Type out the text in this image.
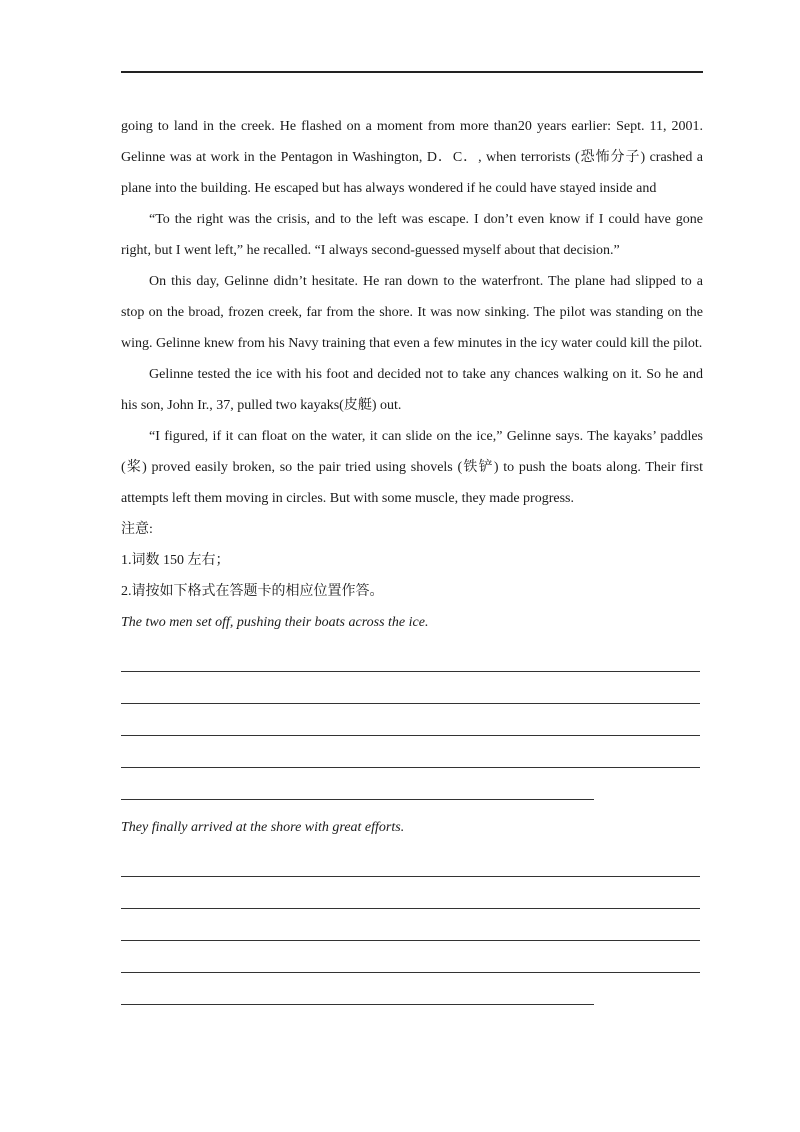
going to land in the creek. He flashed on a moment from more than20 years earlier: Sept. 11, 2001. Gelinne was at work in the Pentagon in Washington, D．C．, when terrorists (恐怖分子) crashed a plane into the building. He escaped but has always wondered if he could have stayed inside and

“To the right was the crisis, and to the left was escape. I don’t even know if I could have gone right, but I went left,” he recalled. “I always second-guessed myself about that decision.”

On this day, Gelinne didn’t hesitate. He ran down to the waterfront. The plane had slipped to a stop on the broad, frozen creek, far from the shore. It was now sinking. The pilot was standing on the wing. Gelinne knew from his Navy training that even a few minutes in the icy water could kill the pilot.

Gelinne tested the ice with his foot and decided not to take any chances walking on it. So he and his son, John Ir., 37, pulled two kayaks(皮艇) out.

“I figured, if it can float on the water, it can slide on the ice,” Gelinne says. The kayaks’ paddles (桨) proved easily broken, so the pair tried using shovels (铁铲) to push the boats along. Their first attempts left them moving in circles. But with some muscle, they made progress.

注意:

1.词数 150 左右；

2.请按如下格式在答题卡的相应位置作答。

The two men set off, pushing their boats across the ice.

They finally arrived at the shore with great efforts.
